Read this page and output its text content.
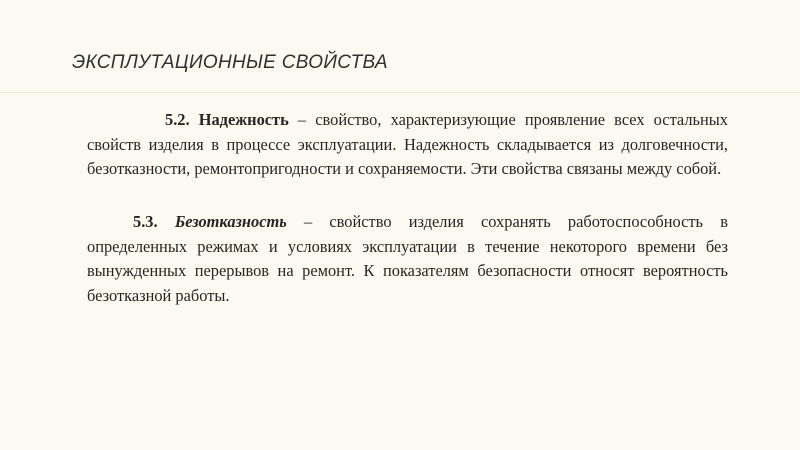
ЭКСПЛУТАЦИОННЫЕ СВОЙСТВА

5.2. Надежность – свойство, характеризующие проявление всех остальных свойств изделия в процессе эксплуатации. Надежность складывается из долговечности, безотказности, ремонтопригодности и сохраняемости. Эти свойства связаны между собой.

5.3. Безотказность – свойство изделия сохранять работоспособность в определенных режимах и условиях эксплуатации в течение некоторого времени без вынужденных перерывов на ремонт. К показателям безопасности относят вероятность безотказной работы.
